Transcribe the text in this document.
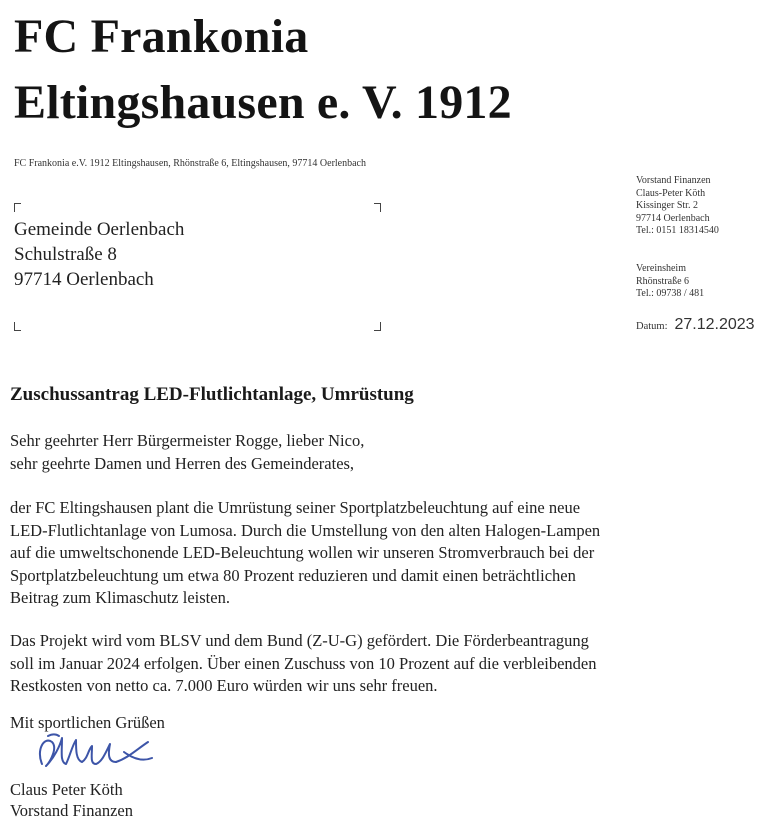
FC Frankonia
Eltingshausen e. V. 1912
FC Frankonia e.V. 1912 Eltingshausen, Rhönstraße 6, Eltingshausen, 97714 Oerlenbach
Gemeinde Oerlenbach
Schulstraße 8
97714 Oerlenbach
Vorstand Finanzen
Claus-Peter Köth
Kissinger Str. 2
97714 Oerlenbach
Tel.: 0151 18314540
Vereinsheim
Rhönstraße 6
Tel.: 09738 / 481
Datum: 27.12.2023
Zuschussantrag LED-Flutlichtanlage, Umrüstung
Sehr geehrter Herr Bürgermeister Rogge, lieber Nico,
sehr geehrte Damen und Herren des Gemeinderates,
der FC Eltingshausen plant die Umrüstung seiner Sportplatzbeleuchtung auf eine neue
LED-Flutlichtanlage von Lumosa. Durch die Umstellung von den alten Halogen-Lampen
auf die umweltschonende LED-Beleuchtung wollen wir unseren Stromverbrauch bei der
Sportplatzbeleuchtung um etwa 80 Prozent reduzieren und damit einen beträchtlichen
Beitrag zum Klimaschutz leisten.
Das Projekt wird vom BLSV und dem Bund (Z-U-G) gefördert. Die Förderbeantragung
soll im Januar 2024 erfolgen. Über einen Zuschuss von 10 Prozent auf die verbleibenden
Restkosten von netto ca. 7.000 Euro würden wir uns sehr freuen.
Mit sportlichen Grüßen
Claus Peter Köth
Vorstand Finanzen
